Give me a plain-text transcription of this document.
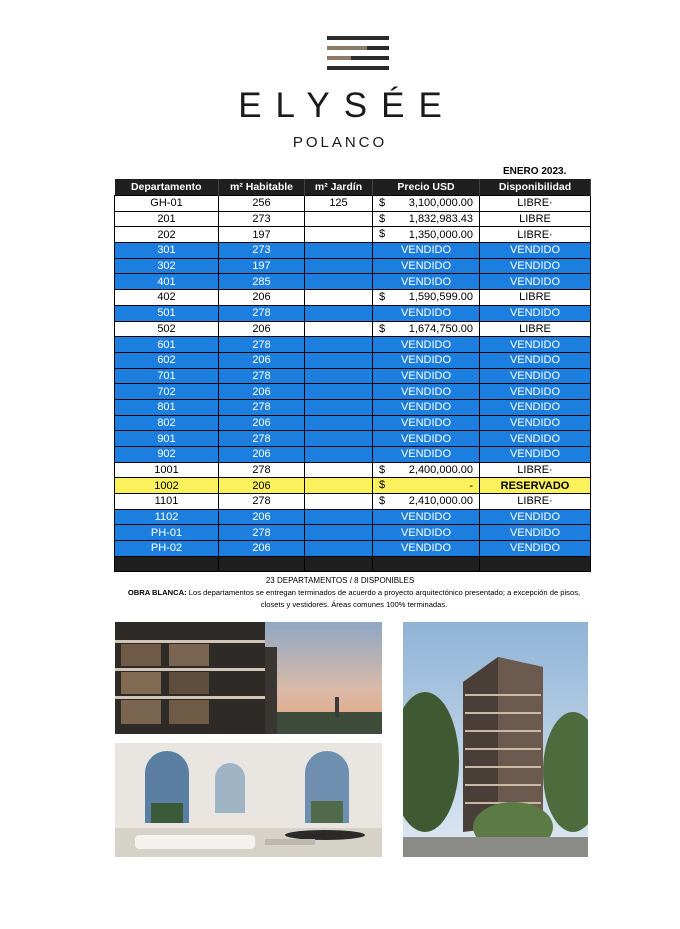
ELYSÉE
POLANCO
ENERO 2023.
Departamento	m² Habitable	m² Jardín	Precio USD	Disponibilidad
GH-01	256	125	$ 3,100,000.00	LIBRE·
201	273		$ 1,832,983.43	LIBRE
202	197		$ 1,350,000.00	LIBRE·
301	273		VENDIDO	VENDIDO
302	197		VENDIDO	VENDIDO
401	285		VENDIDO	VENDIDO
402	206		$ 1,590,599.00	LIBRE
501	278		VENDIDO	VENDIDO
502	206		$ 1,674,750.00	LIBRE
601	278		VENDIDO	VENDIDO
602	206		VENDIDO	VENDIDO
701	278		VENDIDO	VENDIDO
702	206		VENDIDO	VENDIDO
801	278		VENDIDO	VENDIDO
802	206		VENDIDO	VENDIDO
901	278		VENDIDO	VENDIDO
902	206		VENDIDO	VENDIDO
1001	278		$ 2,400,000.00	LIBRE·
1002	206		$ -	RESERVADO
1101	278		$ 2,410,000.00	LIBRE·
1102	206		VENDIDO	VENDIDO
PH-01	278		VENDIDO	VENDIDO
PH-02	206		VENDIDO	VENDIDO

23 DEPARTAMENTOS / 8 DISPONIBLES
OBRA BLANCA: Los departamentos se entregan terminados de acuerdo a proyecto arquitectónico presentado; a excepción de pisos, closets y vestidores. Áreas comunes 100% terminadas.
